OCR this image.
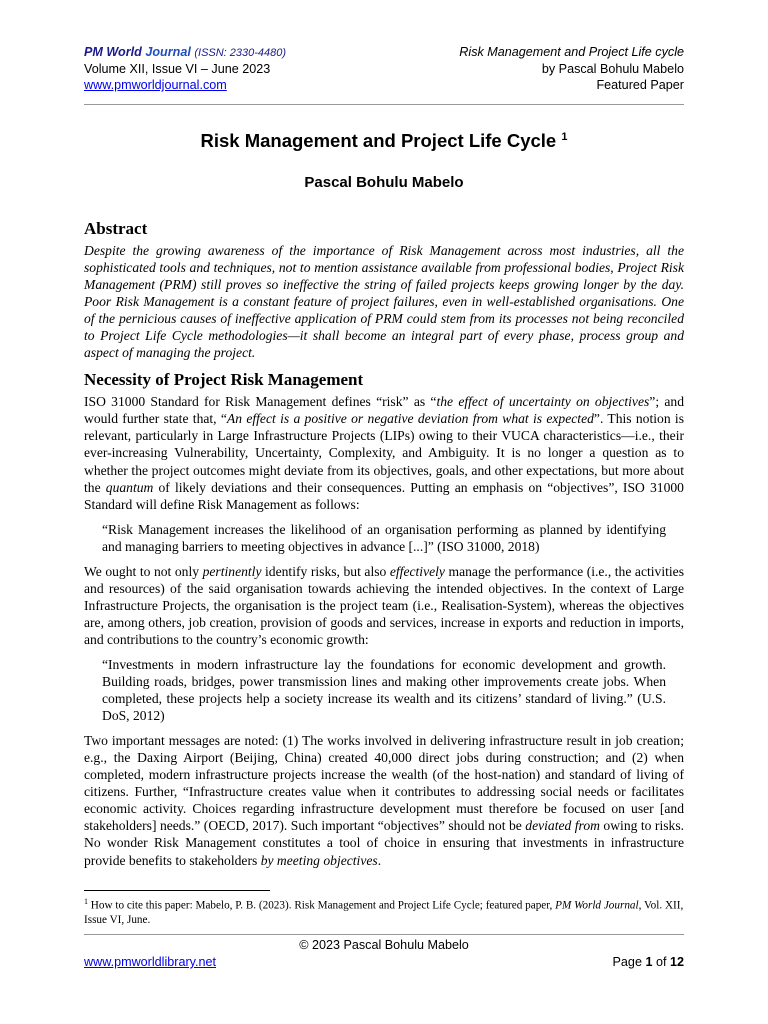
PM World Journal (ISSN: 2330-4480)	Risk Management and Project Life cycle
Volume XII, Issue VI – June 2023	by Pascal Bohulu Mabelo
www.pmworldjournal.com	Featured Paper
Risk Management and Project Life Cycle $^1$
Pascal Bohulu Mabelo
Abstract

Despite the growing awareness of the importance of Risk Management across most industries, all the sophisticated tools and techniques, not to mention assistance available from professional bodies, Project Risk Management (PRM) still proves so ineffective the string of failed projects keeps growing longer by the day. Poor Risk Management is a constant feature of project failures, even in well-established organisations. One of the pernicious causes of ineffective application of PRM could stem from its processes not being reconciled to Project Life Cycle methodologies—it shall become an integral part of every phase, process group and aspect of managing the project.

Necessity of Project Risk Management

ISO 31000 Standard for Risk Management defines “risk” as “the effect of uncertainty on objectives”; and would further state that, “An effect is a positive or negative deviation from what is expected”. This notion is relevant, particularly in Large Infrastructure Projects (LIPs) owing to their VUCA characteristics—i.e., their ever-increasing Vulnerability, Uncertainty, Complexity, and Ambiguity. It is no longer a question as to whether the project outcomes might deviate from its objectives, goals, and other expectations, but more about the quantum of likely deviations and their consequences. Putting an emphasis on “objectives”, ISO 31000 Standard will define Risk Management as follows:

“Risk Management increases the likelihood of an organisation performing as planned by identifying and managing barriers to meeting objectives in advance [...]” (ISO 31000, 2018)

We ought to not only pertinently identify risks, but also effectively manage the performance (i.e., the activities and resources) of the said organisation towards achieving the intended objectives. In the context of Large Infrastructure Projects, the organisation is the project team (i.e., Realisation-System), whereas the objectives are, among others, job creation, provision of goods and services, increase in exports and reduction in imports, and contributions to the country’s economic growth:

“Investments in modern infrastructure lay the foundations for economic development and growth. Building roads, bridges, power transmission lines and making other improvements create jobs. When completed, these projects help a society increase its wealth and its citizens’ standard of living.” (U.S. DoS, 2012)

Two important messages are noted: (1) The works involved in delivering infrastructure result in job creation; e.g., the Daxing Airport (Beijing, China) created 40,000 direct jobs during construction; and (2) when completed, modern infrastructure projects increase the wealth (of the host-nation) and standard of living of citizens. Further, “Infrastructure creates value when it contributes to addressing social needs or facilitates economic activity. Choices regarding infrastructure development must therefore be focused on user [and stakeholders] needs.” (OECD, 2017). Such important “objectives” should not be deviated from owing to risks. No wonder Risk Management constitutes a tool of choice in ensuring that investments in infrastructure provide benefits to stakeholders by meeting objectives.

$^1$ How to cite this paper: Mabelo, P. B. (2023). Risk Management and Project Life Cycle; featured paper, PM World Journal, Vol. XII, Issue VI, June.
© 2023 Pascal Bohulu Mabelo
www.pmworldlibrary.net	Page 1 of 12
